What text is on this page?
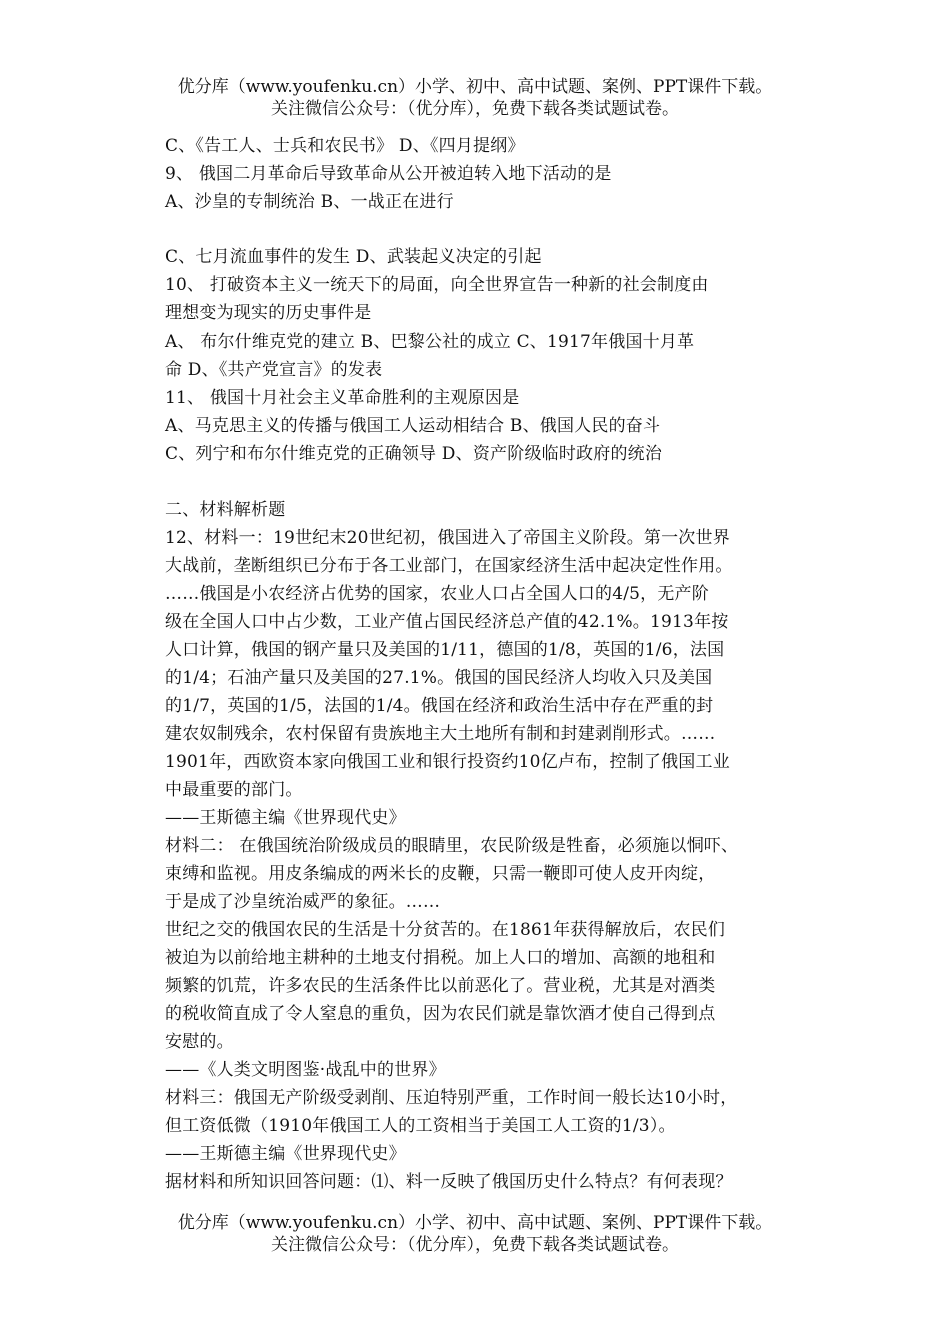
优分库（www.youfenku.cn）小学、初中、高中试题、案例、PPT课件下载。
关注微信公众号：（优分库），免费下载各类试题试卷。
C、《告工人、士兵和农民书》 D、《四月提纲》
9、 俄国二月革命后导致革命从公开被迫转入地下活动的是
A、沙皇的专制统治 B、一战正在进行
C、七月流血事件的发生 D、武装起义决定的引起
10、 打破资本主义一统天下的局面，向全世界宣告一种新的社会制度由
理想变为现实的历史事件是
A、 布尔什维克党的建立 B、巴黎公社的成立 C、1917年俄国十月革
命 D、《共产党宣言》的发表
11、 俄国十月社会主义革命胜利的主观原因是
A、马克思主义的传播与俄国工人运动相结合 B、俄国人民的奋斗
C、列宁和布尔什维克党的正确领导 D、资产阶级临时政府的统治
二、材料解析题
12、材料一：19世纪末20世纪初，俄国进入了帝国主义阶段。第一次世界
大战前，垄断组织已分布于各工业部门，在国家经济生活中起决定性作用。
……俄国是小农经济占优势的国家，农业人口占全国人口的4/5，无产阶
级在全国人口中占少数，工业产值占国民经济总产值的42.1%。1913年按
人口计算，俄国的钢产量只及美国的1/11，德国的1/8，英国的1/6，法国
的1/4；石油产量只及美国的27.1%。俄国的国民经济人均收入只及美国
的1/7，英国的1/5，法国的1/4。俄国在经济和政治生活中存在严重的封
建农奴制残余，农村保留有贵族地主大土地所有制和封建剥削形式。……
1901年，西欧资本家向俄国工业和银行投资约10亿卢布，控制了俄国工业
中最重要的部门。
——王斯德主编《世界现代史》
材料二： 在俄国统治阶级成员的眼睛里，农民阶级是牲畜，必须施以恫吓、
束缚和监视。用皮条编成的两米长的皮鞭，只需一鞭即可使人皮开肉绽，
于是成了沙皇统治威严的象征。……
世纪之交的俄国农民的生活是十分贫苦的。在1861年获得解放后，农民们
被迫为以前给地主耕种的土地支付捐税。加上人口的增加、高额的地租和
频繁的饥荒，许多农民的生活条件比以前恶化了。营业税，尤其是对酒类
的税收简直成了令人窒息的重负，因为农民们就是靠饮酒才使自己得到点
安慰的。
——《人类文明图鉴·战乱中的世界》
材料三：俄国无产阶级受剥削、压迫特别严重，工作时间一般长达10小时，
但工资低微（1910年俄国工人的工资相当于美国工人工资的1/3）。
——王斯德主编《世界现代史》
据材料和所知识回答问题：⑴、料一反映了俄国历史什么特点？有何表现？
优分库（www.youfenku.cn）小学、初中、高中试题、案例、PPT课件下载。
关注微信公众号：（优分库），免费下载各类试题试卷。
